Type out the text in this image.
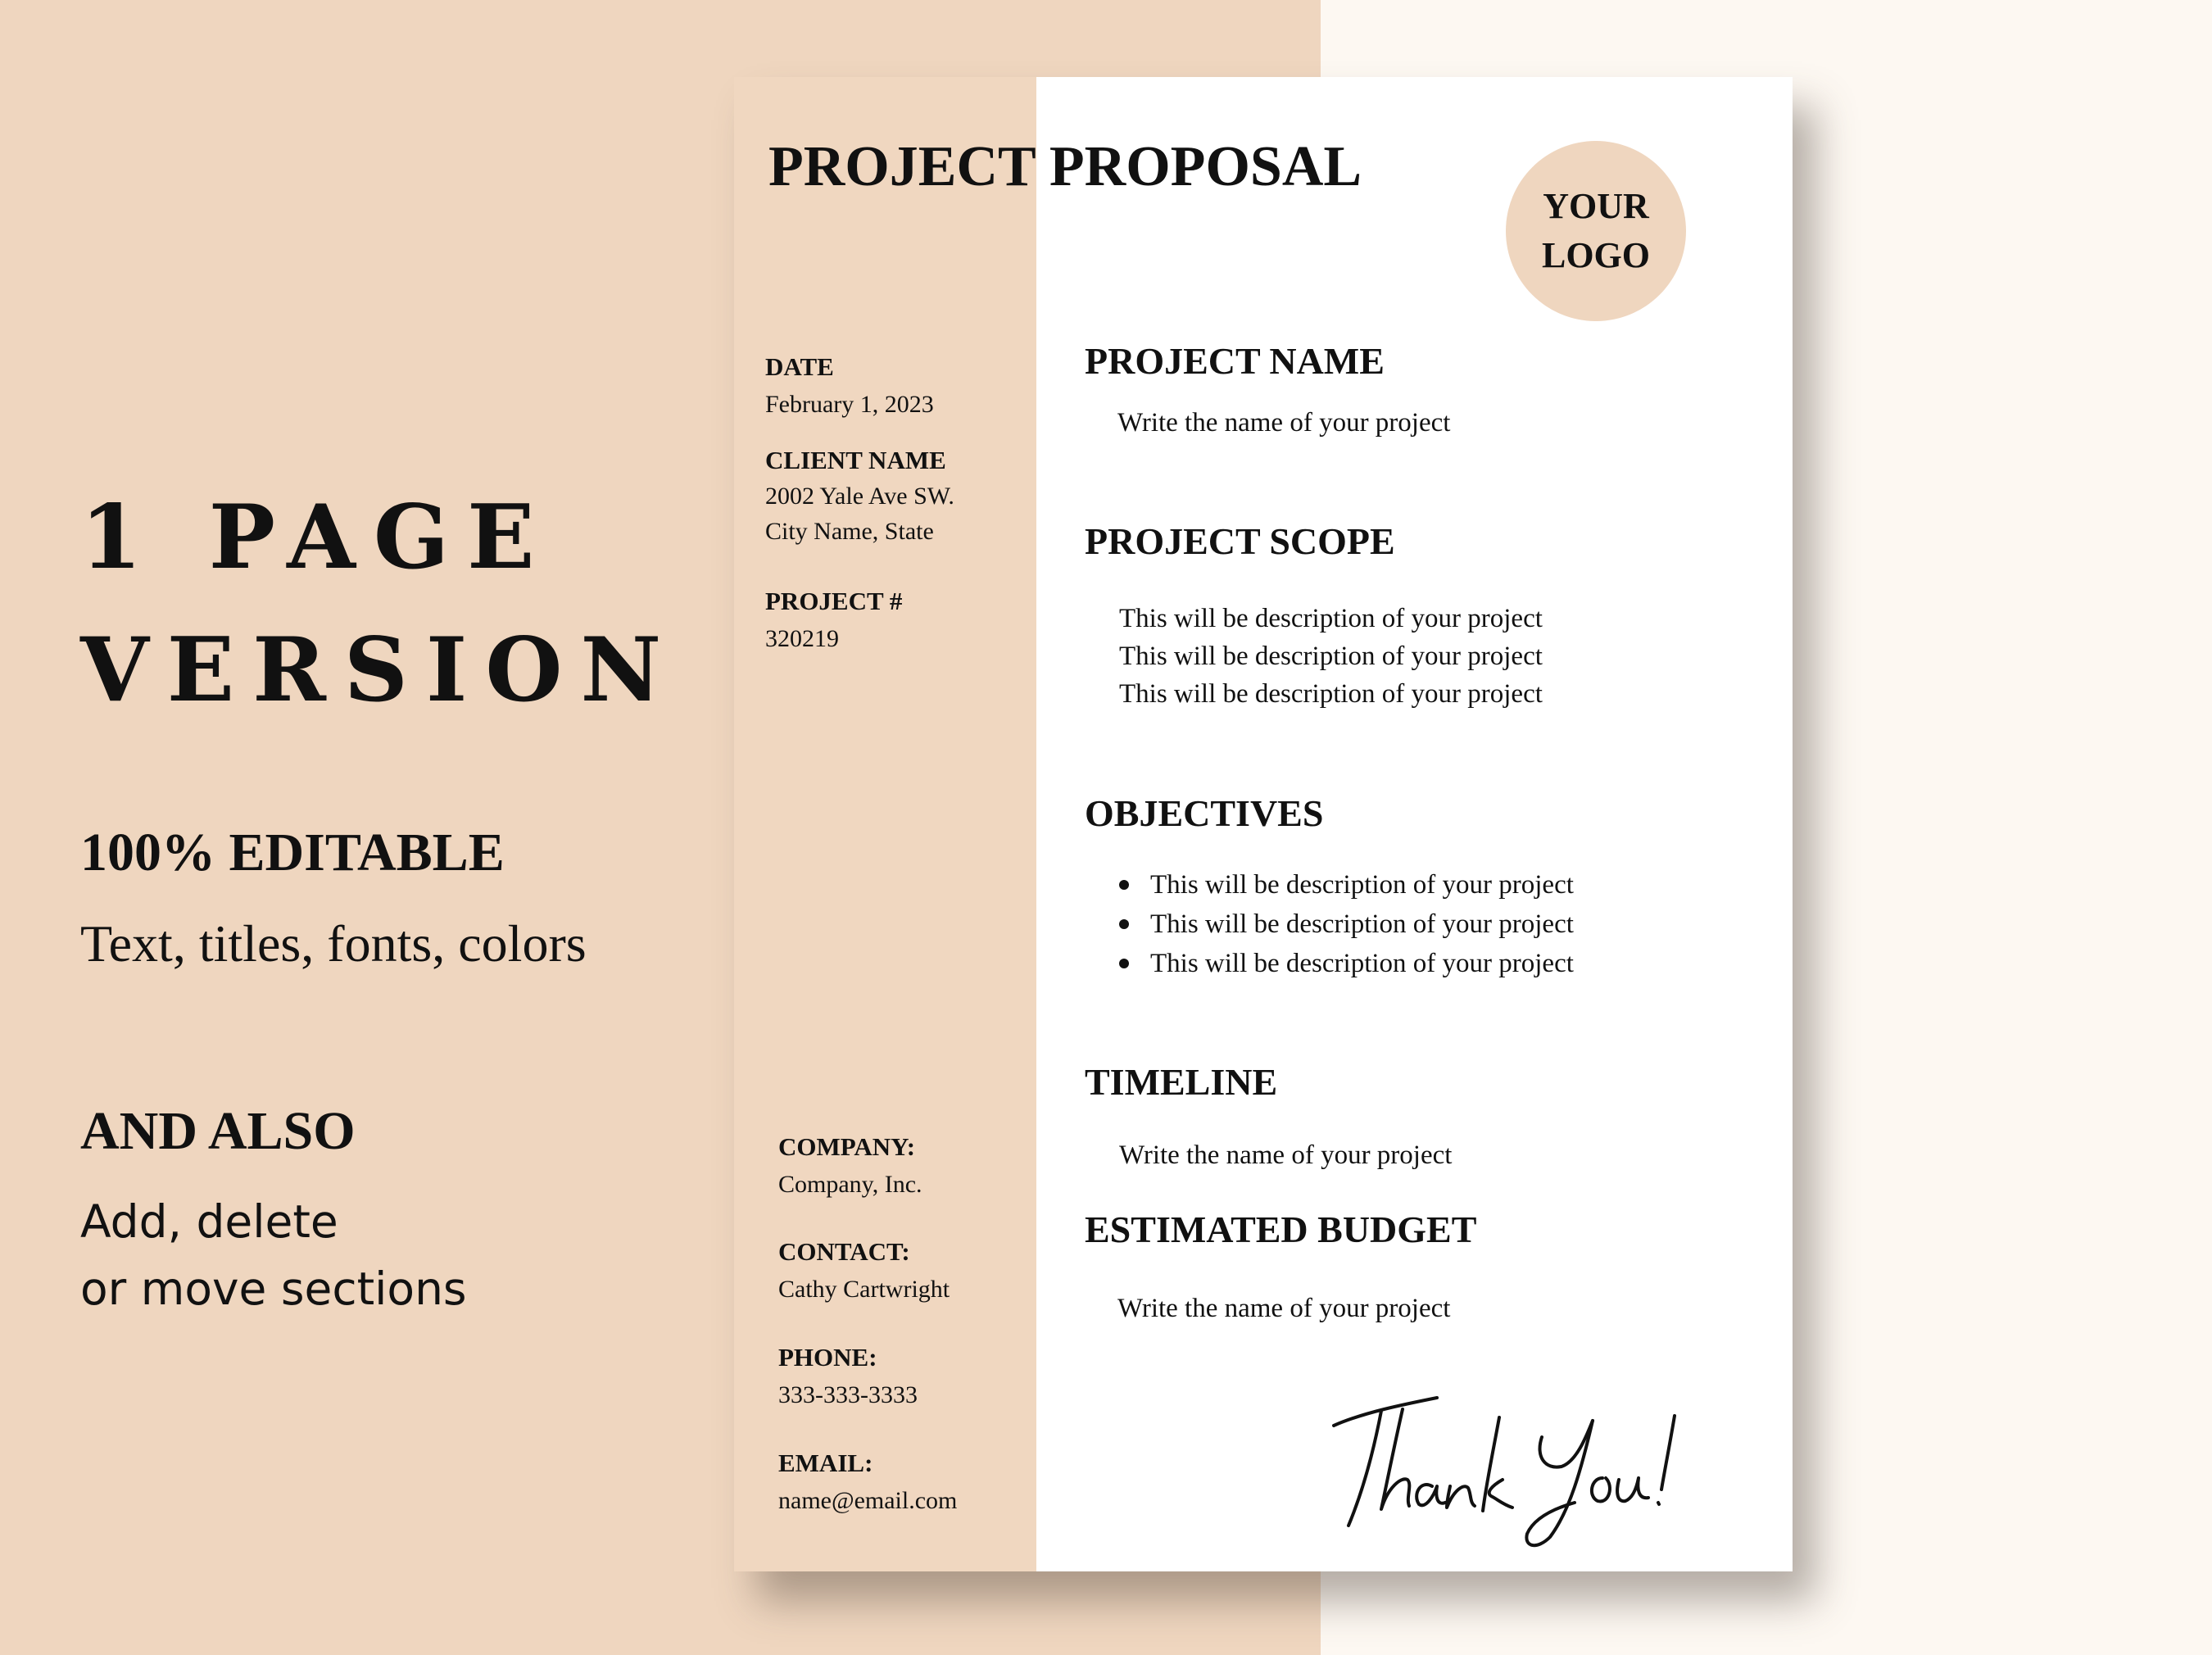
1 PAGE
VERSION
100% EDITABLE
Text, titles, fonts, colors
AND ALSO
Add, delete
or move sections
PROJECT PROPOSAL
YOUR
LOGO
DATE
February 1, 2023
CLIENT NAME
2002 Yale Ave SW.
City Name, State
PROJECT #
320219
COMPANY:
Company, Inc.
CONTACT:
Cathy Cartwright
PHONE:
333-333-3333
EMAIL:
name@email.com
PROJECT NAME
Write the name of your project
PROJECT SCOPE
This will be description of your project
This will be description of your project
This will be description of your project
OBJECTIVES
This will be description of your project
This will be description of your project
This will be description of your project
TIMELINE
Write the name of your project
ESTIMATED BUDGET
Write the name of your project
